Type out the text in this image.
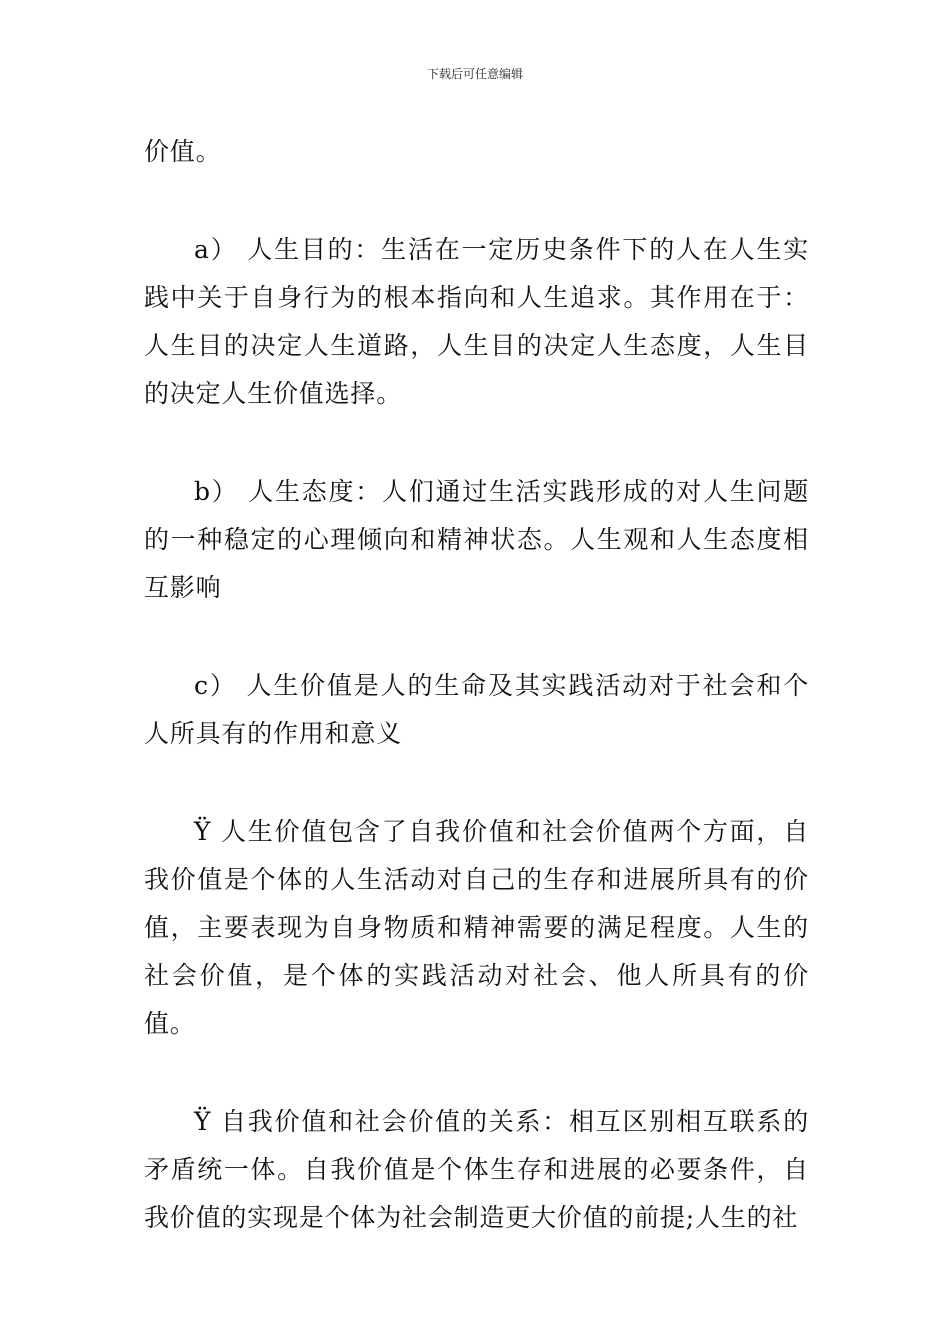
下载后可任意编辑

价值。

a） 人生目的：生活在一定历史条件下的人在人生实践中关于自身行为的根本指向和人生追求。其作用在于：人生目的决定人生道路，人生目的决定人生态度，人生目的决定人生价值选择。

b） 人生态度：人们通过生活实践形成的对人生问题的一种稳定的心理倾向和精神状态。人生观和人生态度相互影响

c） 人生价值是人的生命及其实践活动对于社会和个人所具有的作用和意义

Ÿ 人生价值包含了自我价值和社会价值两个方面，自我价值是个体的人生活动对自己的生存和进展所具有的价值，主要表现为自身物质和精神需要的满足程度。人生的社会价值，是个体的实践活动对社会、他人所具有的价值。

Ÿ 自我价值和社会价值的关系：相互区别相互联系的矛盾统一体。自我价值是个体生存和进展的必要条件，自我价值的实现是个体为社会制造更大价值的前提;人生的社
